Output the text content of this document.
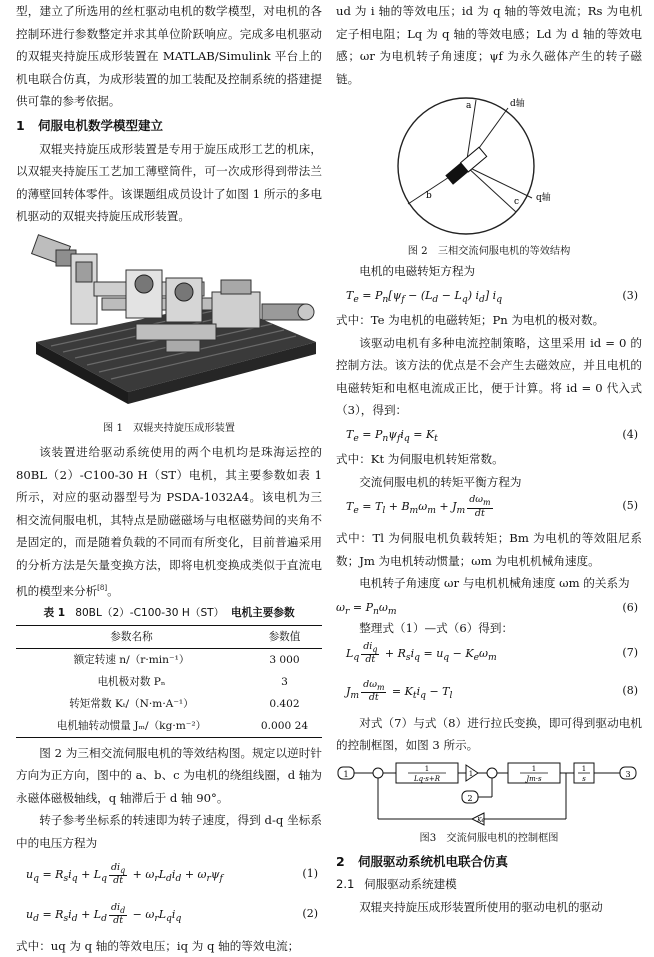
型，建立了所选用的丝杠驱动电机的数学模型，对电机的各控制环进行参数整定并求其单位阶跃响应。完成多电机驱动的双辊夹持旋压成形装置在 MATLAB/Simulink 平台上的机电联合仿真，为成形装置的加工装配及控制系统的搭建提供可靠的参考依据。

1 伺服电机数学模型建立

双辊夹持旋压成形装置是专用于旋压成形工艺的机床，以双辊夹持旋压工艺加工薄壁筒件，可一次成形得到带法兰的薄壁回转体零件。该课题组成员设计了如图 1 所示的多电机驱动的双辊夹持旋压成形装置。

图 1　双辊夹持旋压成形装置

该装置进给驱动系统使用的两个电机均是珠海运控的 80BL（2）-C100-30 H（ST）电机，其主要参数如表 1 所示，对应的驱动器型号为 PSDA-1032A4。该电机为三相交流伺服电机，其特点是励磁磁场与电枢磁势间的夹角不是固定的，而是随着负载的不同而有所变化，目前普遍采用的分析方法是矢量变换方法，即将电机变换成类似于直流电机的模型来分析[8]。

表 1 80BL（2）-C100-30 H（ST） 电机主要参数
参数名称	参数值
额定转速 n/（r·min⁻¹）	3 000
电机极对数 Pₙ	3
转矩常数 Kₜ/（N·m·A⁻¹）	0.402
电机轴转动惯量 Jₘ/（kg·m⁻²）	0.000 24

图 2 为三相交流伺服电机的等效结构图。规定以逆时针方向为正方向，图中的 a、b、c 为电机的绕组线圈，d 轴为永磁体磁极轴线，q 轴滞后于 d 轴 90°。

转子参考坐标系的转速即为转子速度，得到 d-q 坐标系中的电压方程为

$u_q = R_si_q + L_q \frac{di_q}{dt} + \omega_rL_di_d + \omega_r\psi_f$	(1)
$u_d = R_si_d + L_d \frac{di_d}{dt} - \omega_rL_qi_q$	(2)

式中：uq 为 q 轴的等效电压；iq 为 q 轴的等效电流；

ud 为 i 轴的等效电压；id 为 q 轴的等效电流；Rs 为电机定子相电阻；Lq 为 q 轴的等效电感；Ld 为 d 轴的等效电感；ωr 为电机转子角速度；ψf 为永久磁体产生的转子磁链。

a	d轴
b
c q轴
图 2　三相交流伺服电机的等效结构

电机的电磁转矩方程为

$T_e = P_n[\psi_f - (L_d - L_q)$ $i_d$] $i_q$	(3)

式中：Te 为电机的电磁转矩；Pn 为电机的极对数。

该驱动电机有多种电流控制策略，这里采用 id = 0 的控制方法。该方法的优点是不会产生去磁效应，并且电机的电磁转矩和电枢电流成正比，便于计算。将 id = 0 代入式（3），得到：

$T_e = P_n\psi_fi_q = K_t$	(4)

式中：Kt 为伺服电机转矩常数。

交流伺服电机的转矩平衡方程为

$T_e = T_l + B_m\omega_m + J_m \frac{d\omega_m}{dt}$	(5)

式中：Tl 为伺服电机负载转矩；Bm 为电机的等效阻尼系数；Jm 为电机转动惯量；ωm 为电机机械角速度。

电机转子角速度 ωr 与电机机械角速度 ωm 的关系为

$\omega_r = P_n\omega_m$	(6)

整理式（1）—式（6）得到：

$L_q \frac{di_q}{dt} + R_si_q = u_q - K_e\omega_m$	(7)
$J_m \frac{d\omega_m}{dt} = K_ti_q - T_l$	(8)

对式（7）与式（8）进行拉氏变换，即可得到驱动电机的控制框图，如图 3 所示。

1
1
Lq·s+R
1
1
Jm·s
1
s	3
2
Ke
图3　交流伺服电机的控制框图
2 伺服驱动系统机电联合仿真
2.1 伺服驱动系统建模

双辊夹持旋压成形装置所使用的驱动电机的驱动
